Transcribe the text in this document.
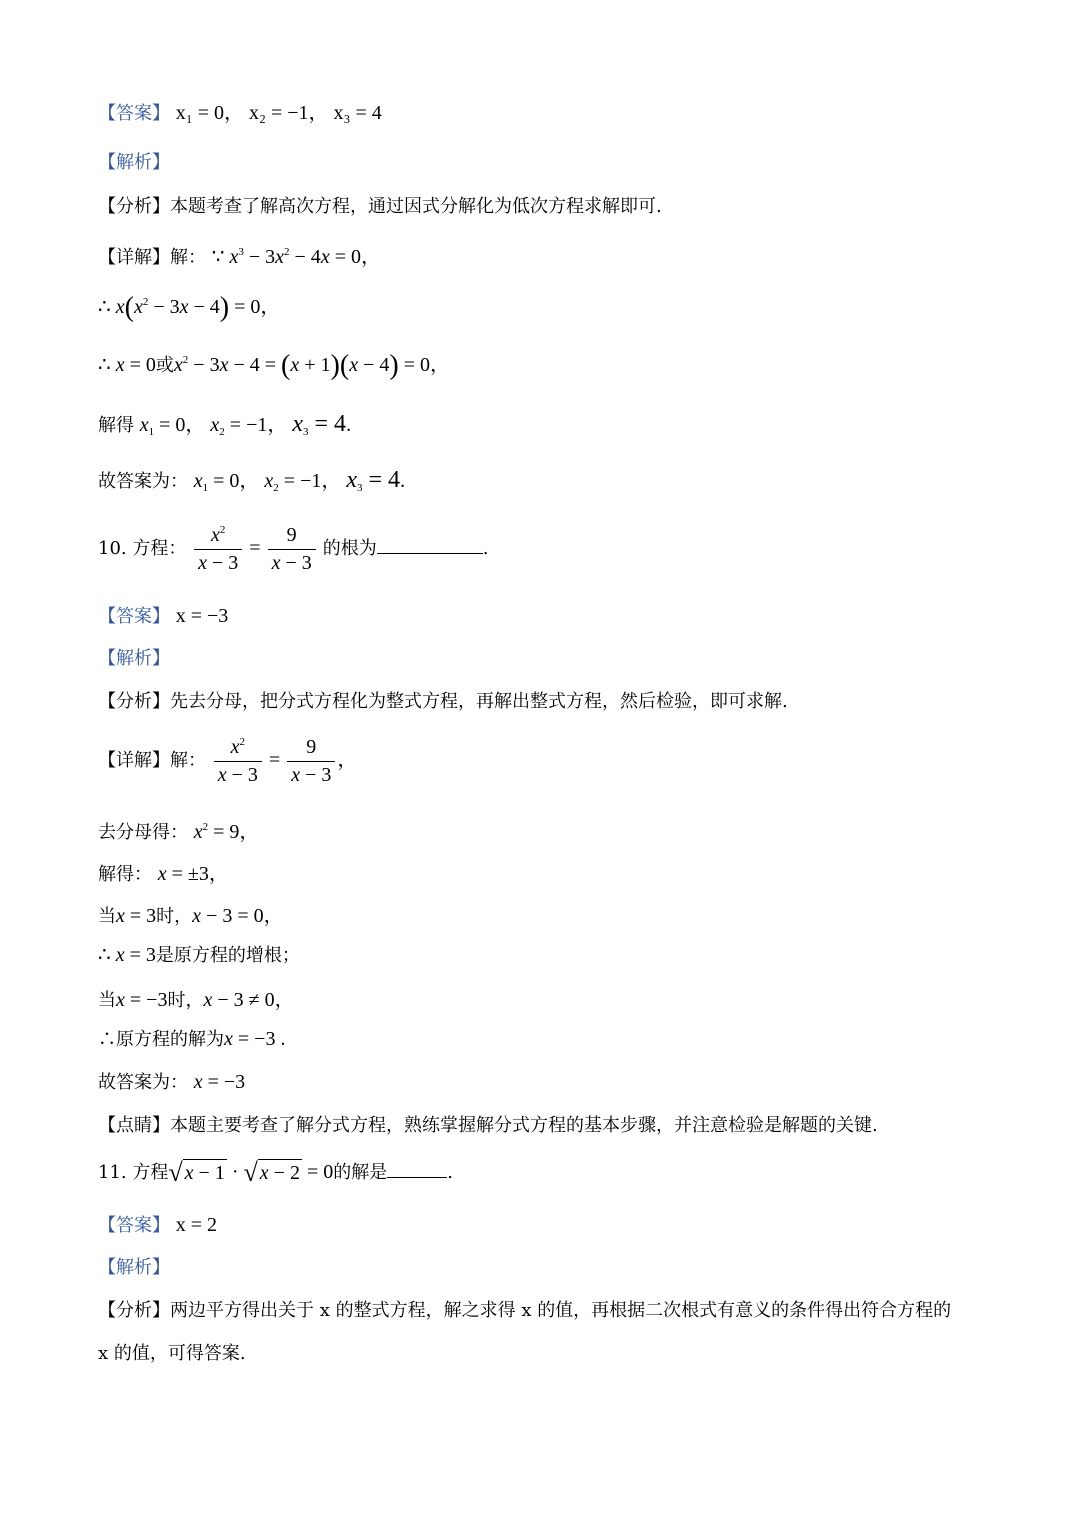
【答案】 x₁ = 0， x₂ = −1， x₃ = 4
【解析】
【分析】本题考查了解高次方程，通过因式分解化为低次方程求解即可.
【详解】解： ∵ $x^3 - 3x^2 - 4x = 0$，
∴ $x(x^2 - 3x - 4) = 0$，
∴ x = 0或$x^2 - 3x - 4 = (x + 1)(x - 4) = 0$，
解得 $x_1 = 0$， $x_2 = -1$， $x_3 = 4$.
故答案为： $x_1 = 0$， $x_2 = -1$， $x_3 = 4$.
10. 方程： $\frac{x^2}{x - 3} = \frac{9}{x - 3}$ 的根为	.
【答案】 x = −3
【解析】
【分析】先去分母，把分式方程化为整式方程，再解出整式方程，然后检验，即可求解.
【详解】解： $\frac{x^2}{x - 3} = \frac{9}{x - 3}$ ，
去分母得： $x^2 = 9$，
解得： x = ±3，
当x = 3时，x − 3 = 0，
∴ x = 3是原方程的增根；
当x = −3时，x − 3 ≠ 0，
∴原方程的解为x = −3 .
故答案为： x = −3
【点睛】本题主要考查了解分式方程，熟练掌握解分式方程的基本步骤，并注意检验是解题的关键.
11. 方程 √ x − 1 · √ x − 2 = 0的解是	.
【答案】 x = 2
【解析】
【分析】两边平方得出关于 x 的整式方程，解之求得 x 的值，再根据二次根式有意义的条件得出符合方程的
x 的值，可得答案.
